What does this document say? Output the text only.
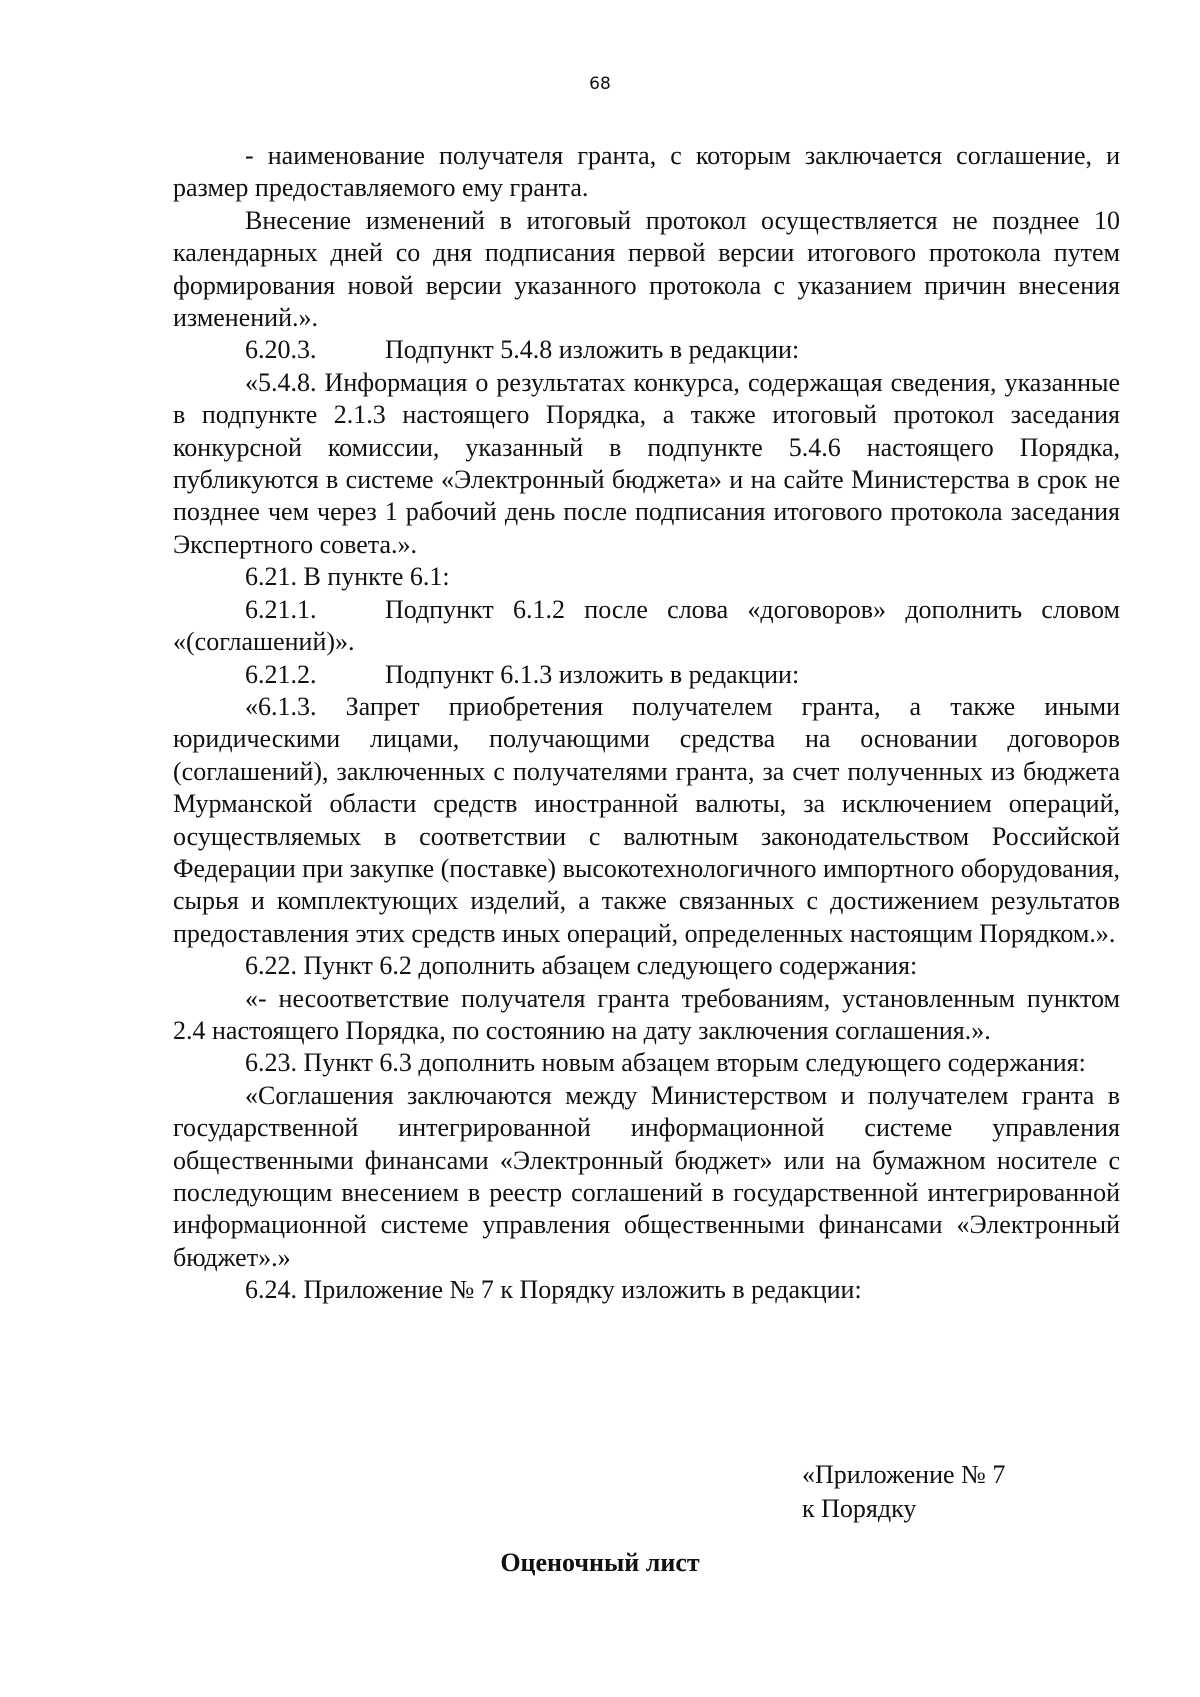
68

- наименование получателя гранта, с которым заключается соглашение, и размер предоставляемого ему гранта.

Внесение изменений в итоговый протокол осуществляется не позднее 10 календарных дней со дня подписания первой версии итогового протокола путем формирования новой версии указанного протокола с указанием причин внесения изменений.».

6.20.3.	Подпункт 5.4.8 изложить в редакции:

«5.4.8. Информация о результатах конкурса, содержащая сведения, указанные в подпункте 2.1.3 настоящего Порядка, а также итоговый протокол заседания конкурсной комиссии, указанный в подпункте 5.4.6 настоящего Порядка, публикуются в системе «Электронный бюджета» и на сайте Министерства в срок не позднее чем через 1 рабочий день после подписания итогового протокола заседания Экспертного совета.».

6.21. В пункте 6.1:

6.21.1.	Подпункт 6.1.2 после слова «договоров» дополнить словом «(соглашений)».

6.21.2.	Подпункт 6.1.3 изложить в редакции:

«6.1.3. Запрет приобретения получателем гранта, а также иными юридическими лицами, получающими средства на основании договоров (соглашений), заключенных с получателями гранта, за счет полученных из бюджета Мурманской области средств иностранной валюты, за исключением операций, осуществляемых в соответствии с валютным законодательством Российской Федерации при закупке (поставке) высокотехнологичного импортного оборудования, сырья и комплектующих изделий, а также связанных с достижением результатов предоставления этих средств иных операций, определенных настоящим Порядком.».

6.22. Пункт 6.2 дополнить абзацем следующего содержания:

«- несоответствие получателя гранта требованиям, установленным пунктом 2.4 настоящего Порядка, по состоянию на дату заключения соглашения.».

6.23. Пункт 6.3 дополнить новым абзацем вторым следующего содержания:

«Соглашения заключаются между Министерством и получателем гранта в государственной интегрированной информационной системе управления общественными финансами «Электронный бюджет» или на бумажном носителе с последующим внесением в реестр соглашений в государственной интегрированной информационной системе управления общественными финансами «Электронный бюджет».»

6.24. Приложение № 7 к Порядку изложить в редакции:

«Приложение № 7
к Порядку
Оценочный лист
